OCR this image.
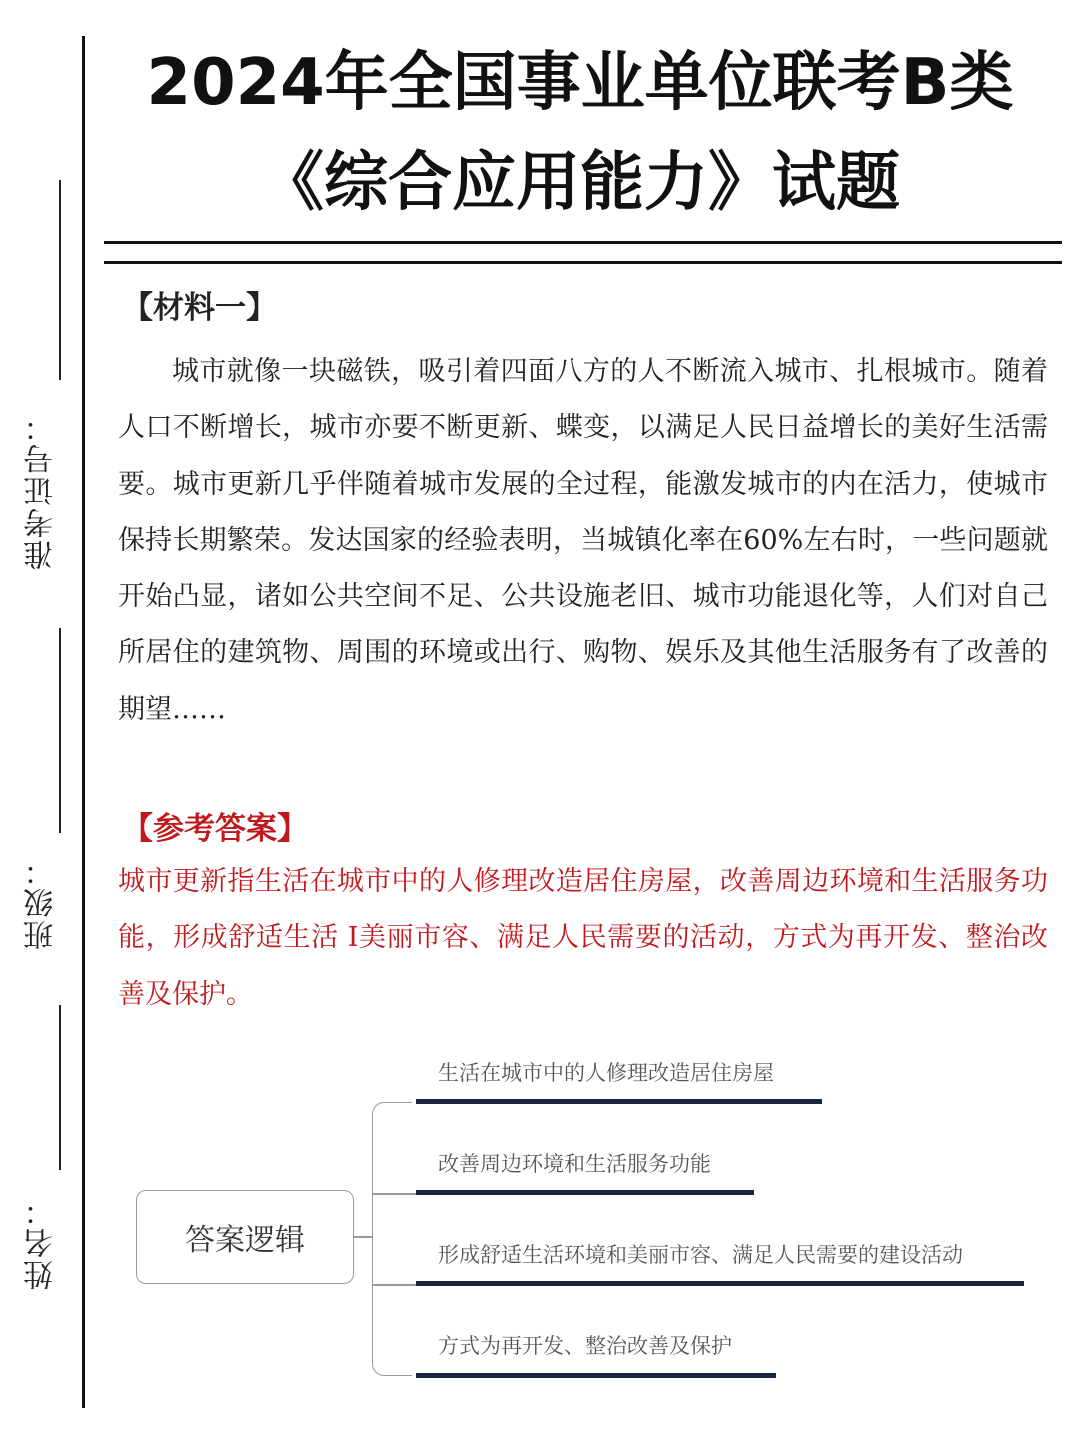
准考证号：
班级：
姓名：
2024年全国事业单位联考B类
《综合应用能力》试题
【材料一】

城市就像一块磁铁，吸引着四面八方的人不断流入城市、扎根城市。随着人口不断增长，城市亦要不断更新、蝶变，以满足人民日益增长的美好生活需要。城市更新几乎伴随着城市发展的全过程，能激发城市的内在活力，使城市保持长期繁荣。发达国家的经验表明，当城镇化率在60%左右时，一些问题就开始凸显，诸如公共空间不足、公共设施老旧、城市功能退化等，人们对自己所居住的建筑物、周围的环境或出行、购物、娱乐及其他生活服务有了改善的期望……

【参考答案】

城市更新指生活在城市中的人修理改造居住房屋，改善周边环境和生活服务功能，形成舒适生活 I美丽市容、满足人民需要的活动，方式为再开发、整治改善及保护。

答案逻辑
生活在城市中的人修理改造居住房屋
改善周边环境和生活服务功能
形成舒适生活环境和美丽市容、满足人民需要的建设活动
方式为再开发、整治改善及保护
